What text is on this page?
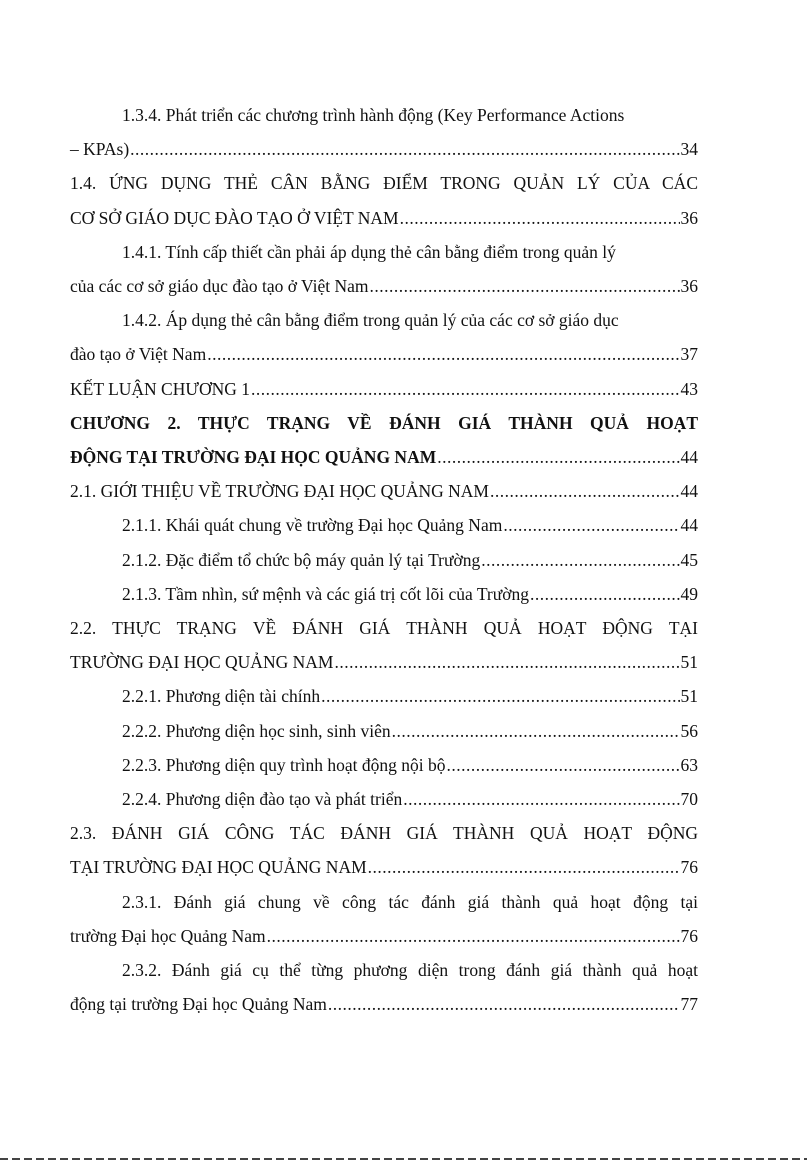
1.3.4. Phát triển các chương trình hành động (Key Performance Actions
– KPAs) .....	34
1.4. ỨNG DỤNG THẺ CÂN BẰNG ĐIỂM TRONG QUẢN LÝ CỦA CÁC
CƠ SỞ GIÁO DỤC ĐÀO TẠO Ở VIỆT NAM .....	36
1.4.1. Tính cấp thiết cần phải áp dụng thẻ cân bằng điểm trong quản lý
của các cơ sở giáo dục đào tạo ở Việt Nam .....	36
1.4.2. Áp dụng thẻ cân bằng điểm trong quản lý của các cơ sở giáo dục
đào tạo ở Việt Nam .....	37
KẾT LUẬN CHƯƠNG 1 .....	43
CHƯƠNG 2. THỰC TRẠNG VỀ ĐÁNH GIÁ THÀNH QUẢ HOẠT
ĐỘNG TẠI TRƯỜNG ĐẠI HỌC QUẢNG NAM .....	44
2.1. GIỚI THIỆU VỀ TRƯỜNG ĐẠI HỌC QUẢNG NAM .....	44
2.1.1. Khái quát chung về trường Đại học Quảng Nam .....	44
2.1.2. Đặc điểm tổ chức bộ máy quản lý tại Trường .....	45
2.1.3. Tầm nhìn, sứ mệnh và các giá trị cốt lõi của Trường .....	49
2.2. THỰC TRẠNG VỀ ĐÁNH GIÁ THÀNH QUẢ HOẠT ĐỘNG TẠI
TRƯỜNG ĐẠI HỌC QUẢNG NAM .....	51
2.2.1. Phương diện tài chính .....	51
2.2.2. Phương diện học sinh, sinh viên .....	56
2.2.3. Phương diện quy trình hoạt động nội bộ .....	63
2.2.4. Phương diện đào tạo và phát triển .....	70
2.3. ĐÁNH GIÁ CÔNG TÁC ĐÁNH GIÁ THÀNH QUẢ HOẠT ĐỘNG
TẠI TRƯỜNG ĐẠI HỌC QUẢNG NAM .....	76
2.3.1. Đánh giá chung về công tác đánh giá thành quả hoạt động tại
trường Đại học Quảng Nam .....	76
2.3.2. Đánh giá cụ thể từng phương diện trong đánh giá thành quả hoạt
động tại trường Đại học Quảng Nam .....	77
